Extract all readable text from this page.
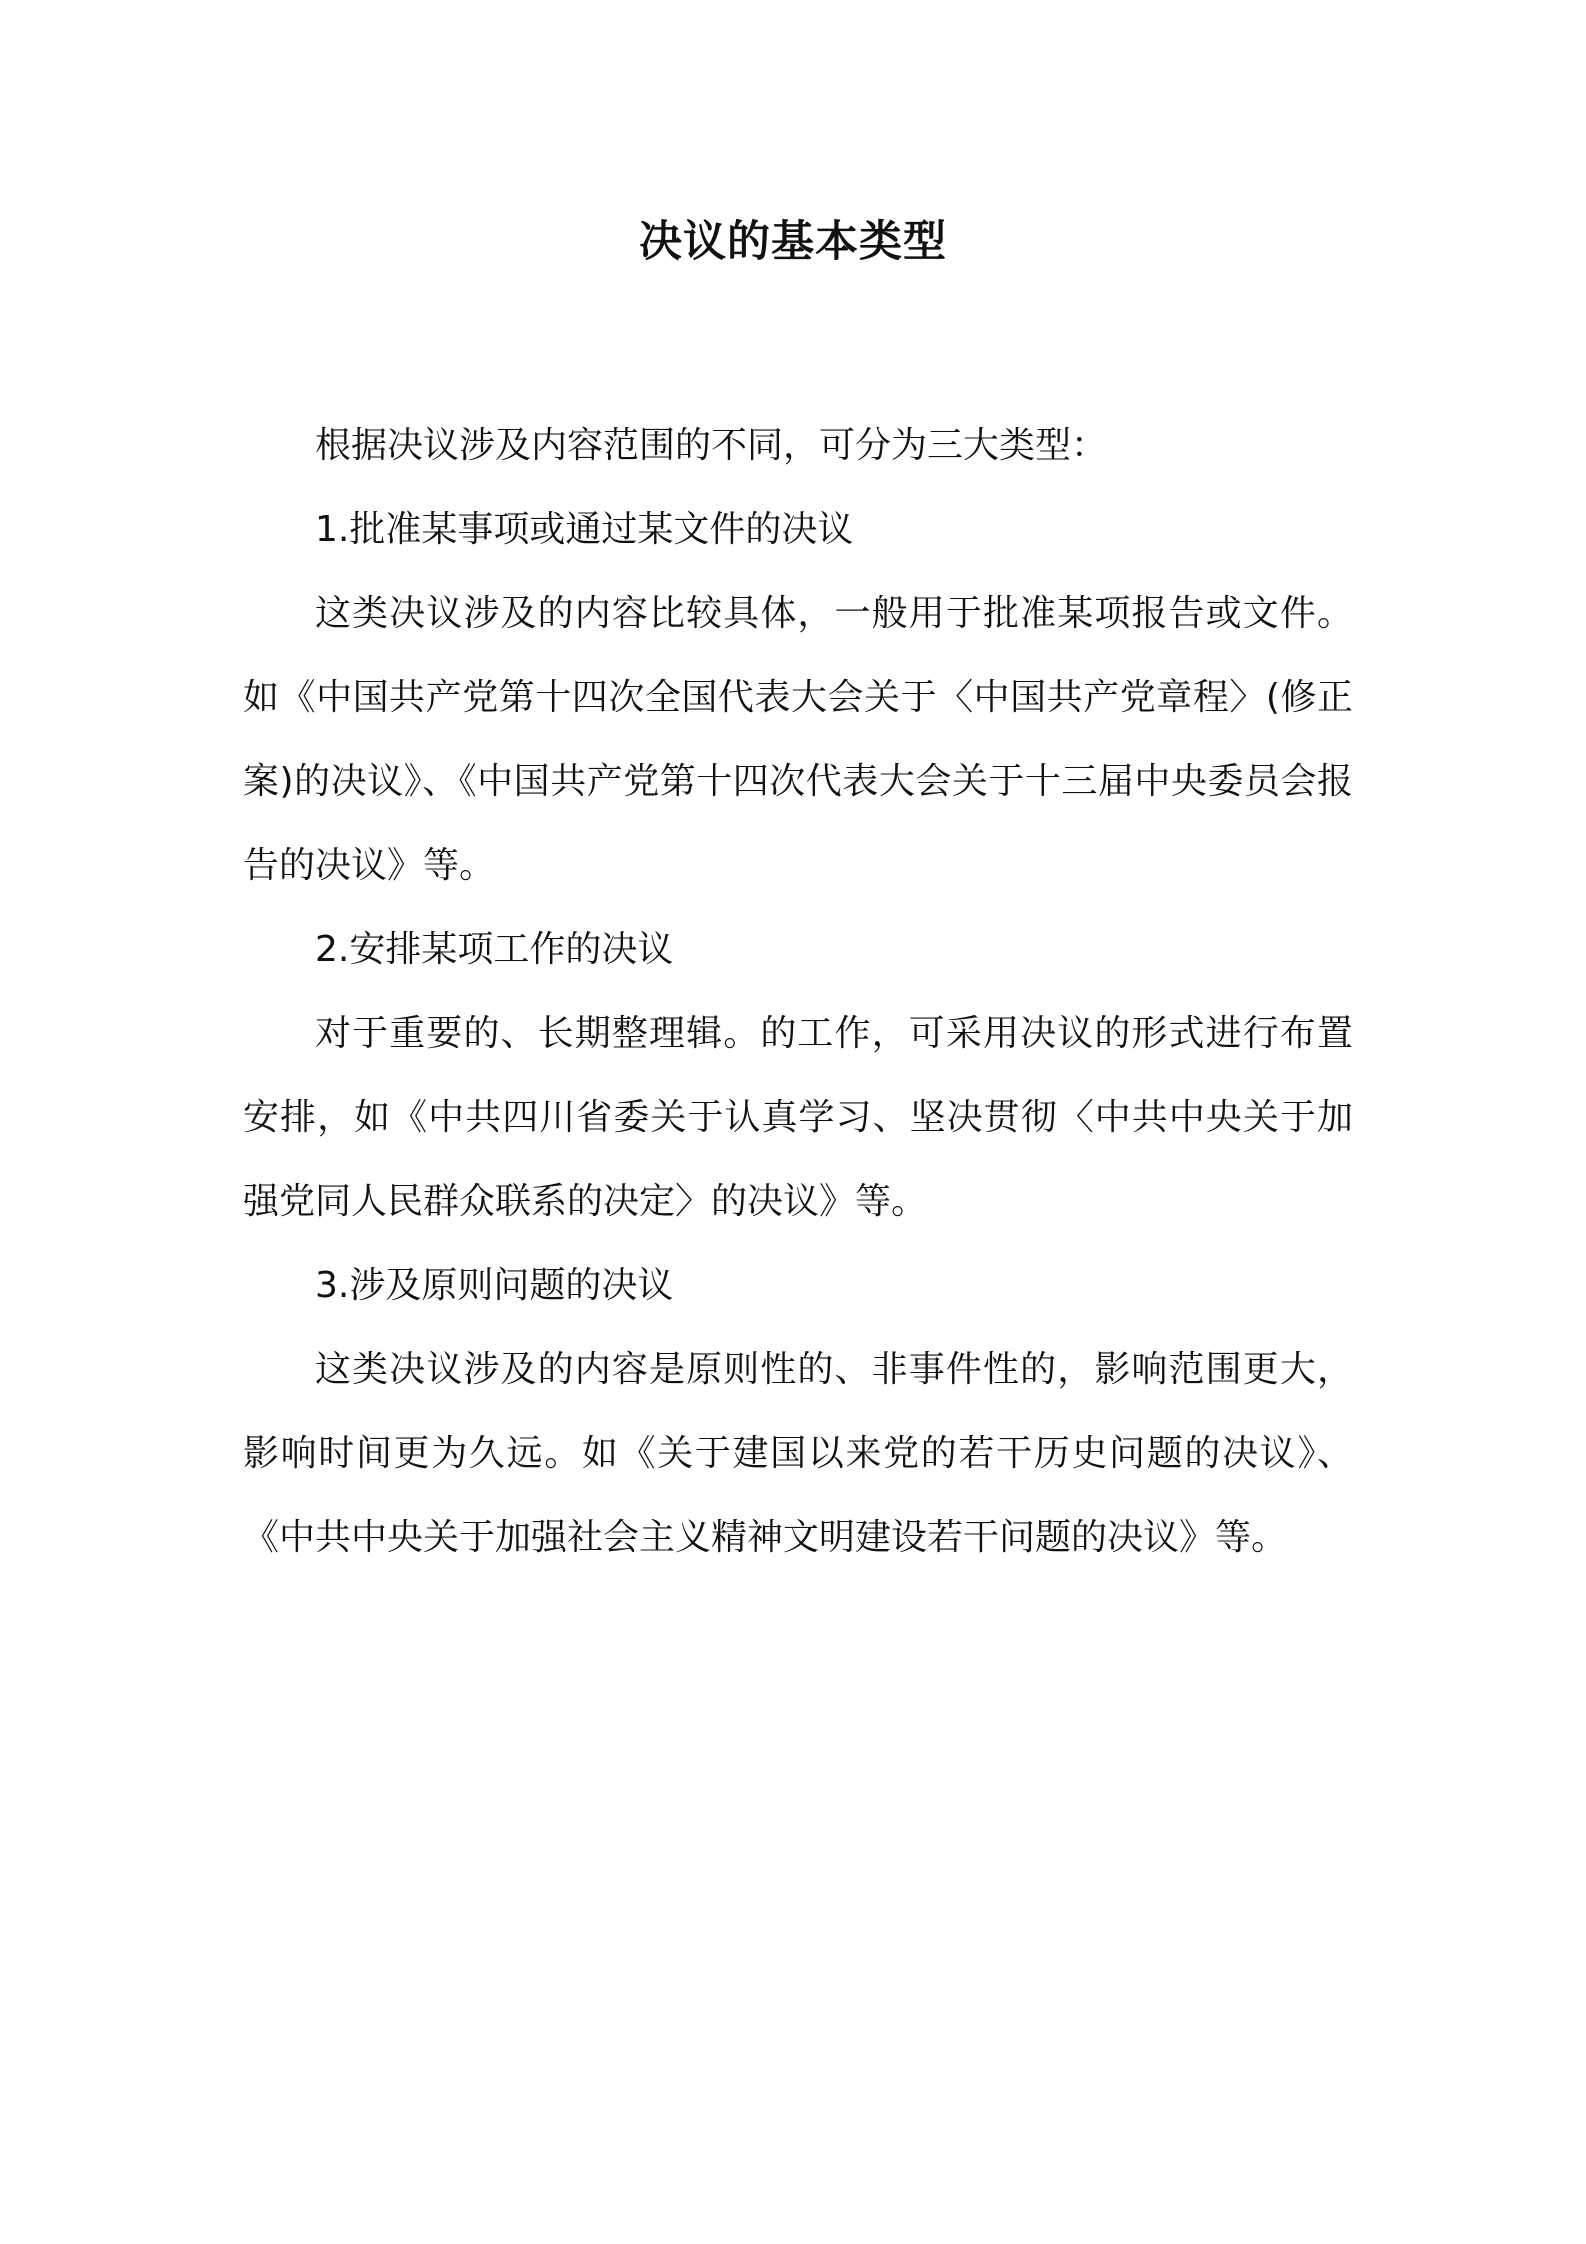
决议的基本类型

根据决议涉及内容范围的不同，可分为三大类型：

1.批准某事项或通过某文件的决议

这类决议涉及的内容比较具体，一般用于批准某项报告或文件。如《中国共产党第十四次全国代表大会关于〈中国共产党章程〉(修正案)的决议》、《中国共产党第十四次代表大会关于十三届中央委员会报告的决议》等。

2.安排某项工作的决议

对于重要的、长期整理辑。的工作，可采用决议的形式进行布置安排，如《中共四川省委关于认真学习、坚决贯彻〈中共中央关于加强党同人民群众联系的决定〉的决议》等。

3.涉及原则问题的决议

这类决议涉及的内容是原则性的、非事件性的，影响范围更大，影响时间更为久远。如《关于建国以来党的若干历史问题的决议》、《中共中央关于加强社会主义精神文明建设若干问题的决议》等。
